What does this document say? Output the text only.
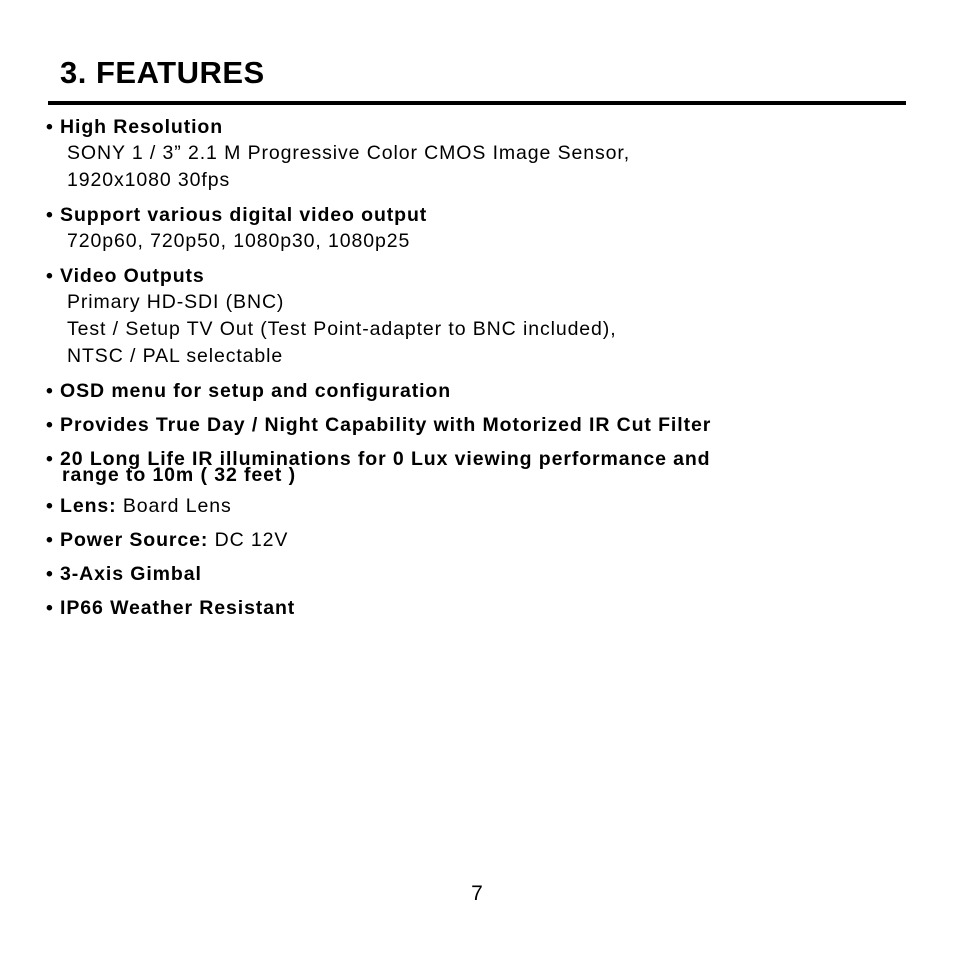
3. FEATURES
• High Resolution
SONY 1 / 3” 2.1 M Progressive Color CMOS Image Sensor,
1920x1080 30fps
• Support various digital video output
720p60, 720p50, 1080p30, 1080p25
• Video Outputs
Primary HD-SDI (BNC)
Test / Setup TV Out (Test Point-adapter to BNC included),
NTSC / PAL selectable
• OSD menu for setup and configuration
• Provides True Day / Night Capability with Motorized IR Cut Filter
• 20 Long Life IR illuminations for 0 Lux viewing performance and
range to 10m ( 32 feet )
• Lens: Board Lens
• Power Source: DC 12V
• 3-Axis Gimbal
• IP66 Weather Resistant
7
